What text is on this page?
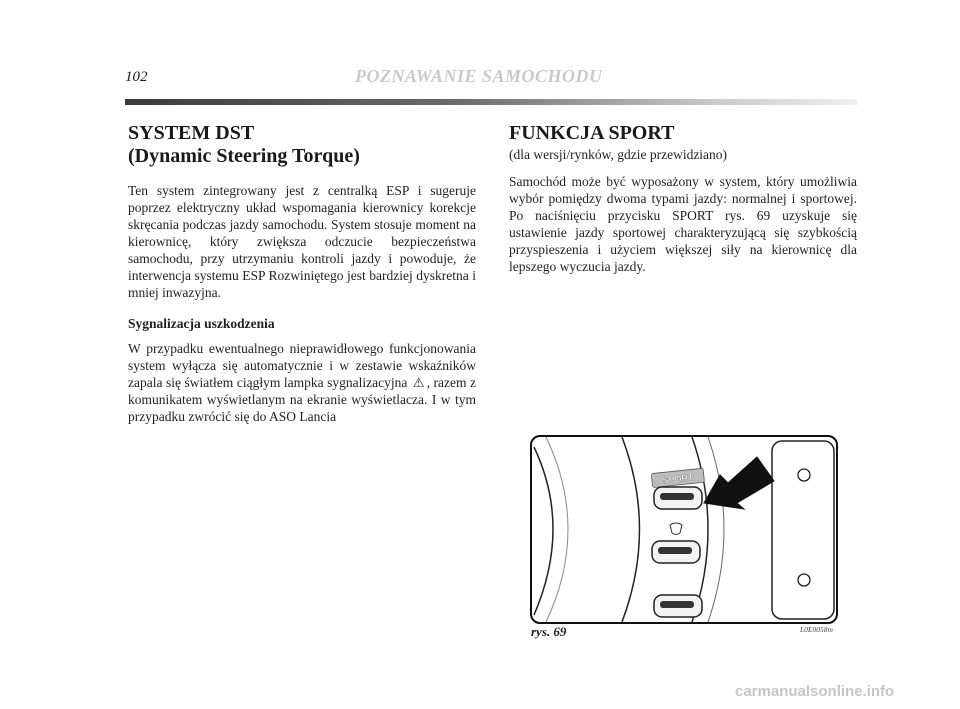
102	POZNAWANIE SAMOCHODU
SYSTEM DST
(Dynamic Steering Torque)

Ten system zintegrowany jest z centralką ESP i sugeruje poprzez elektryczny układ wspomagania kierownicy korekcje skręcania podczas jazdy samochodu. System stosuje moment na kierownicę, który zwiększa odczucie bezpieczeństwa samochodu, przy utrzymaniu kontroli jazdy i powoduje, że interwencja systemu ESP Rozwiniętego jest bardziej dyskretna i mniej inwazyjna.

Sygnalizacja uszkodzenia

W przypadku ewentualnego nieprawidłowego funkcjonowania system wyłącza się automatycznie i w zestawie wskaźników zapala się światłem ciągłym lampka sygnalizacyjna ⚠ , razem z komunikatem wyświetlanym na ekranie wyświetlacza. I w tym przypadku zwrócić się do ASO Lancia

FUNKCJA SPORT
(dla wersji/rynków, gdzie przewidziano)

Samochód może być wyposażony w system, który umożliwia wybór pomiędzy dwoma typami jazdy: normalnej i sportowej. Po naciśnięciu przycisku SPORT rys. 69 uzyskuje się ustawienie jazdy sportowej charakteryzującą się szybkością przyspieszenia i użyciem większej siły na kierownicę dla lepszego wyczucia jazdy.

SPORT
rys. 69	L0E0058m
carmanualsonline.info
